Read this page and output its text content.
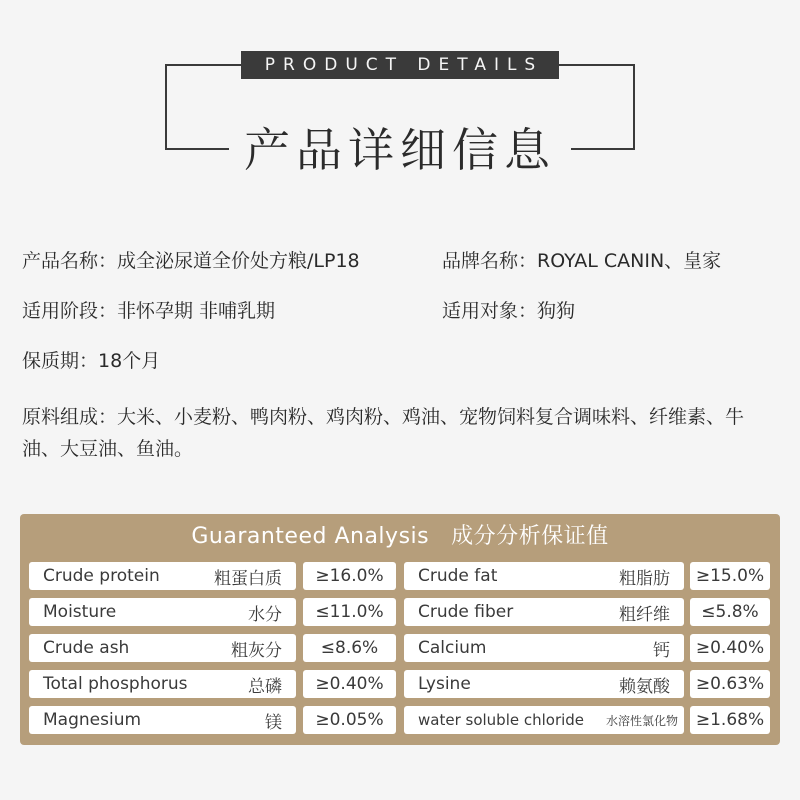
PRODUCT DETAILS
产品详细信息
产品名称：成全泌尿道全价处方粮/LP18	品牌名称：ROYAL CANIN、皇家
适用阶段：非怀孕期 非哺乳期	适用对象：狗狗
保质期：18个月
原料组成：大米、小麦粉、鸭肉粉、鸡肉粉、鸡油、宠物饲料复合调味料、纤维素、牛油、大豆油、鱼油。
Guaranteed Analysis 成分分析保证值
Crude protein	粗蛋白质	≥16.0%
Moisture	水分	≤11.0%
Crude ash	粗灰分	≤8.6%
Total phosphorus	总磷	≥0.40%
Magnesium	镁	≥0.05%
Crude fat	粗脂肪	≥15.0%
Crude fiber	粗纤维	≤5.8%
Calcium	钙	≥0.40%
Lysine	赖氨酸	≥0.63%
water soluble chloride	水溶性氯化物	≥1.68%
